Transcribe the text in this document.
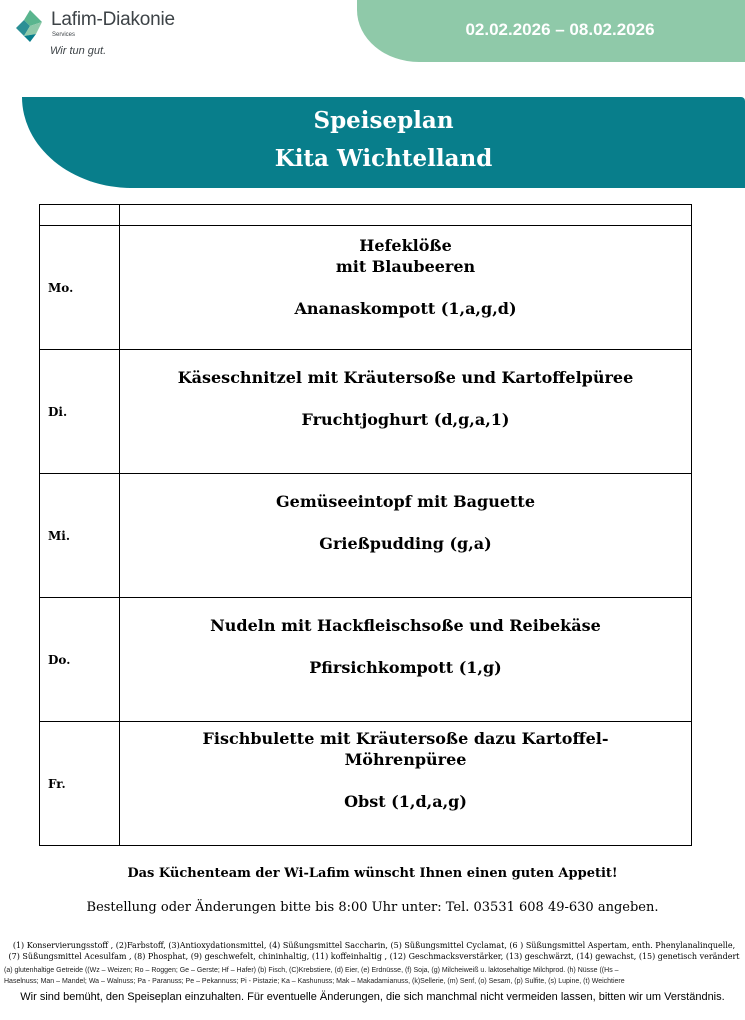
Lafim-Diakonie
Services
Wir tun gut.
02.02.2026 – 08.02.2026
Speiseplan
Kita Wichtelland

Mo.	Hefeklöße
mit Blaubeeren
Ananaskompott (1,a,g,d)

Di.	Käseschnitzel mit Kräutersoße und Kartoffelpüree
Fruchtjoghurt (d,g,a,1)

Mi.	Gemüseeintopf mit Baguette
Grießpudding (g,a)

Do.	Nudeln mit Hackfleischsoße und Reibekäse
Pfirsichkompott (1,g)

Fr.	Fischbulette mit Kräutersoße dazu Kartoffel-
Möhrenpüree
Obst (1,d,a,g)
Das Küchenteam der Wi-Lafim wünscht Ihnen einen guten Appetit!
Bestellung oder Änderungen bitte bis 8:00 Uhr unter: Tel. 03531 608 49-630 angeben.
(1) Konservierungsstoff , (2)Farbstoff, (3)Antioxydationsmittel, (4) Süßungsmittel Saccharin, (5) Süßungsmittel Cyclamat, (6 ) Süßungsmittel Aspertam, enth. Phenylanalinquelle,
(7) Süßungsmittel Acesulfam , (8) Phosphat, (9) geschwefelt, chininhaltig, (11) koffeinhaltig , (12) Geschmacksverstärker, (13) geschwärzt, (14) gewachst, (15) genetisch verändert
(a) glutenhaltige Getreide ((Wz – Weizen; Ro – Roggen; Ge – Gerste; Hf – Hafer) (b) Fisch, (C)Krebstiere, (d) Eier, (e) Erdnüsse, (f) Soja, (g) Milcheiweiß u. laktosehaltige Milchprod. (h) Nüsse ((Hs –
Haselnuss; Man – Mandel; Wa – Walnuss; Pa - Paranuss; Pe – Pekannuss; Pi - Pistazie; Ka – Kashunuss; Mak – Makadamianuss, (k)Sellerie, (m) Senf, (o) Sesam, (p) Sulfite, (s) Lupine, (t) Weichtiere
Wir sind bemüht, den Speiseplan einzuhalten. Für eventuelle Änderungen, die sich manchmal nicht vermeiden lassen, bitten wir um Verständnis.
